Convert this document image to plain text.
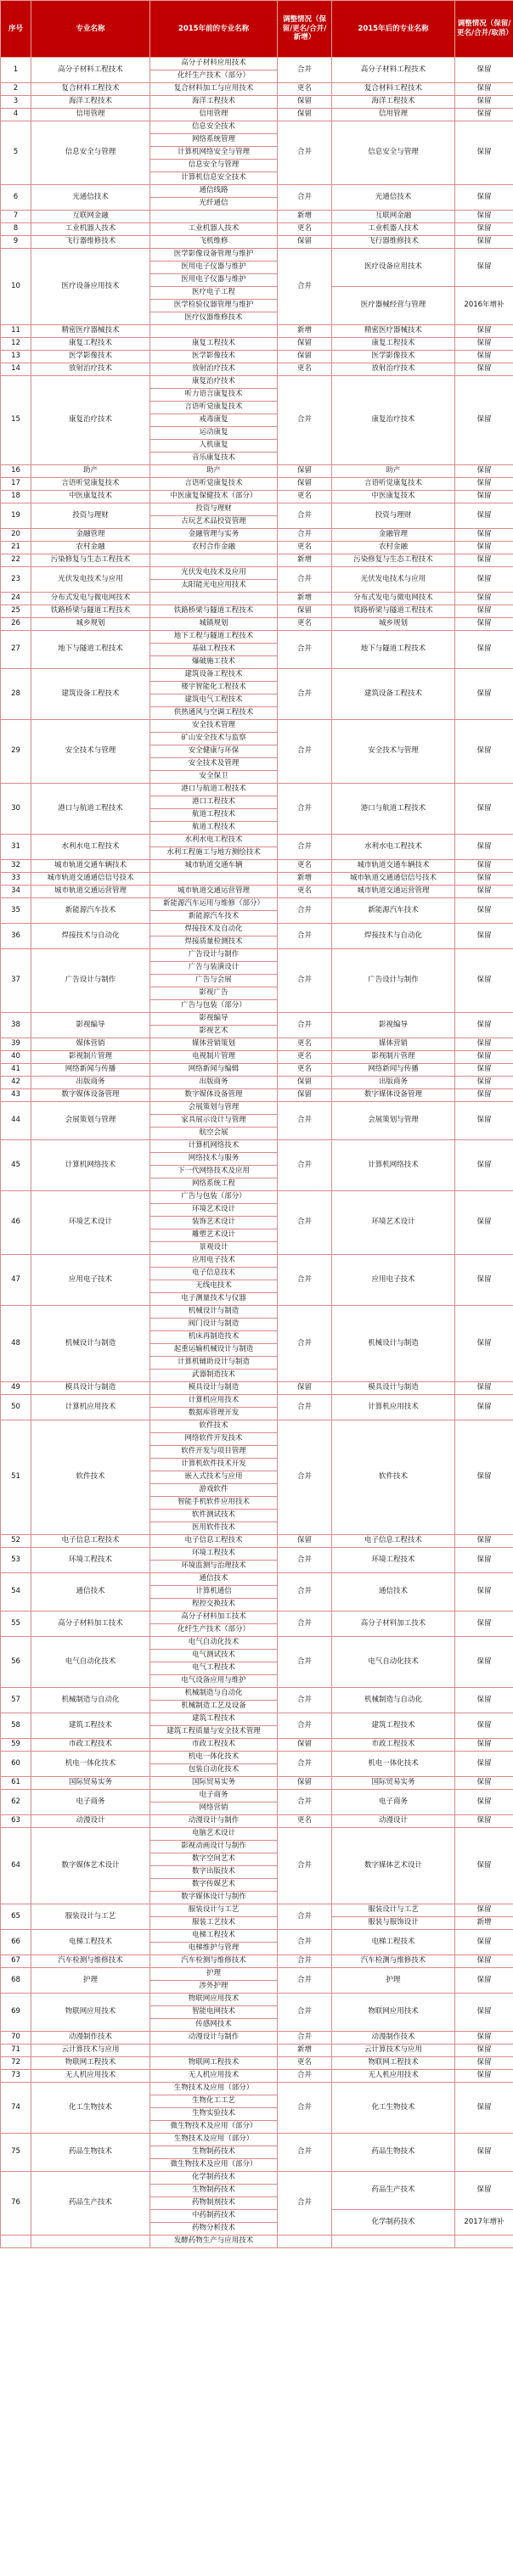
序号	专业名称	2015年前的专业名称	调整情况（保留/更名/合并/新增）	2015年后的专业名称	调整情况（保留/更名/合并/取消）
1	高分子材料工程技术	高分子材料应用技术	合并	高分子材料工程技术	保留
		化纤生产技术（部分）			
2	复合材料工程技术	复合材料加工与应用技术	更名	复合材料工程技术	保留
3	海洋工程技术	海洋工程技术	保留	海洋工程技术	保留
4	信用管理	信用管理	保留	信用管理	保留
5	信息安全与管理	信息安全技术	合并	信息安全与管理	保留
		网络系统管理			
		计算机网络安全与管理			
		信息安全与管理			
		计算机信息安全技术			
6	光通信技术	通信线路	合并	光通信技术	保留
		光纤通信			
7	互联网金融		新增	互联网金融	保留
8	工业机器人技术	工业机器人技术	更名	工业机器人技术	保留
9	飞行器维修技术	飞机维修	保留	飞行器维修技术	保留
10	医疗设备应用技术	医学影像设备管理与维护	合并	医疗设备应用技术	保留
		医用电子仪器与维护			
		医用电子仪器与维护			
		医疗电子工程		医疗器械经营与管理	2016年增补
		医学检验仪器管理与维护			
		医疗仪器维修技术			
11	精密医疗器械技术		新增	精密医疗器械技术	保留
12	康复工程技术	康复工程技术	保留	康复工程技术	保留
13	医学影像技术	医学影像技术	保留	医学影像技术	保留
14	放射治疗技术	放射治疗技术	更名	放射治疗技术	保留
15	康复治疗技术	康复治疗技术	合并	康复治疗技术	保留
		听力语言康复技术			
		言语听觉康复技术			
		戒毒康复			
		运动康复			
		人机康复			
		音乐康复技术			
16	助产	助产	保留	助产	保留
17	言语听觉康复技术	言语听觉康复技术	保留	言语听觉康复技术	保留
18	中医康复技术	中医康复保健技术（部分）	更名	中医康复技术	保留
19	投资与理财	投资与理财	合并	投资与理财	保留
		古玩艺术品投资管理			
20	金融管理	金融管理与实务	合并	金融管理	保留
21	农村金融	农村合作金融	更名	农村金融	保留
22	污染修复与生态工程技术		新增	污染修复与生态工程技术	保留
23	光伏发电技术与应用	光伏发电技术及应用	合并	光伏发电技术与应用	保留
		太阳能光电应用技术			
24	分布式发电与微电网技术		新增	分布式发电与微电网技术	保留
25	铁路桥梁与隧道工程技术	铁路桥梁与隧道工程技术	保留	铁路桥梁与隧道工程技术	保留
26	城乡规划	城镇规划	更名	城乡规划	保留
27	地下与隧道工程技术	地下工程与隧道工程技术	合并	地下与隧道工程技术	保留
		基础工程技术			
		爆破施工技术			
28	建筑设备工程技术	建筑设备工程技术	合并	建筑设备工程技术	保留
		楼宇智能化工程技术			
		建筑电气工程技术			
		供热通风与空调工程技术			
29	安全技术与管理	安全技术管理	合并	安全技术与管理	保留
		矿山安全技术与监察			
		安全健康与环保			
		安全技术及管理			
		安全保卫			
30	港口与航道工程技术	港口与航道工程技术	合并	港口与航道工程技术	保留
		港口工程技术			
		航道工程技术			
		航道工程技术			
31	水利水电工程技术	水利水电工程技术	合并	水利水电工程技术	保留
		水利工程施工与地方测绘技术			
32	城市轨道交通车辆技术	城市轨道交通车辆	更名	城市轨道交通车辆技术	保留
33	城市轨道交通通信信号技术		新增	城市轨道交通通信信号技术	保留
34	城市轨道交通运营管理	城市轨道交通运营管理	更名	城市轨道交通运营管理	保留
35	新能源汽车技术	新能源汽车运用与维修（部分）	合并	新能源汽车技术	保留
		新能源汽车技术			
36	焊接技术与自动化	焊接技术及自动化	合并	焊接技术与自动化	保留
		焊接质量检测技术			
37	广告设计与制作	广告设计与制作	合并	广告设计与制作	保留
		广告与装潢设计			
		广告与会展			
		影视广告			
		广告与包装（部分）			
38	影视编导	影视编导	合并	影视编导	保留
		影视艺术			
39	媒体营销	媒体营销策划	更名	媒体营销	保留
40	影视制片管理	电视制片管理	更名	影视制片管理	保留
41	网络新闻与传播	网络新闻与编辑	更名	网络新闻与传播	保留
42	出版商务	出版商务	保留	出版商务	保留
43	数字媒体设备管理	数字媒体设备管理	保留	数字媒体设备管理	保留
44	会展策划与管理	会展策划与管理	合并	会展策划与管理	保留
		家具展示设计与管理			
		航空会展			
45	计算机网络技术	计算机网络技术	合并	计算机网络技术	保留
		网络技术与服务			
		下一代网络技术及应用			
		网络系统工程			
46	环境艺术设计	广告与包装（部分）	合并	环境艺术设计	保留
		环境艺术设计			
		装饰艺术设计			
		雕塑艺术设计			
		景观设计			
47	应用电子技术	应用电子技术	合并	应用电子技术	保留
		电子信息技术			
		无线电技术			
		电子测量技术与仪器			
48	机械设计与制造	机械设计与制造	合并	机械设计与制造	保留
		阀门设计与制造			
		机床再制造技术			
		起重运输机械设计与制造			
		计算机辅助设计与制造			
		武器制造技术			
49	模具设计与制造	模具设计与制造	保留	模具设计与制造	保留
50	计算机应用技术	计算机应用技术	合并	计算机应用技术	保留
		数据库管理开发			
51	软件技术	软件技术	合并	软件技术	保留
		网络软件开发技术			
		软件开发与项目管理			
		计算机软件技术开发			
		嵌入式技术与应用			
		游戏软件			
		智能手机软件应用技术			
		软件测试技术			
		医用软件技术			
52	电子信息工程技术	电子信息工程技术	保留	电子信息工程技术	保留
53	环境工程技术	环境工程技术	合并	环境工程技术	保留
		环境监测与治理技术			
54	通信技术	通信技术	合并	通信技术	保留
		计算机通信			
		程控交换技术			
55	高分子材料加工技术	高分子材料加工技术	合并	高分子材料加工技术	保留
		化纤生产技术（部分）			
56	电气自动化技术	电气自动化技术	合并	电气自动化技术	保留
		电气测试技术			
		电气工程技术			
		电气设备应用与维护			
57	机械制造与自动化	机械制造与自动化	合并	机械制造与自动化	保留
		机械制造工艺及设备			
58	建筑工程技术	建筑工程技术	合并	建筑工程技术	保留
		建筑工程质量与安全技术管理			
59	市政工程技术	市政工程技术	保留	市政工程技术	保留
60	机电一体化技术	机电一体化技术	合并	机电一体化技术	保留
		包装自动化技术			
61	国际贸易实务	国际贸易实务	保留	国际贸易实务	保留
62	电子商务	电子商务	合并	电子商务	保留
		网络营销			
63	动漫设计	动漫设计与制作	更名	动漫设计	保留
64	数字媒体艺术设计	电脑艺术设计	合并	数字媒体艺术设计	保留
		影视动画设计与制作			
		数字空间艺术			
		数字出版技术			
		数字传媒艺术			
		数字媒体设计与制作			
65	服装设计与工艺	服装设计与工艺	合并	服装设计与工艺	保留
		服装工艺技术		服装与服饰设计	新增
66	电梯工程技术	电梯工程技术	合并	电梯工程技术	保留
		电梯维护与管理			
67	汽车检测与维修技术	汽车检测与维修技术	合并	汽车检测与维修技术	保留
68	护理	护理	合并	护理	保留
		涉外护理			
69	物联网应用技术	物联网应用技术	合并	物联网应用技术	保留
		智能电网技术			
		传感网技术			
70	动漫制作技术	动漫设计与制作	合并	动漫制作技术	保留
71	云计算技术与应用		新增	云计算技术与应用	保留
72	物联网工程技术	物联网工程技术	更名	物联网工程技术	保留
73	无人机应用技术	无人机应用技术	合并	无人机应用技术	保留
74	化工生物技术	生物技术及应用（部分）	合并	化工生物技术	保留
		生物化工工艺			
		生物实验技术			
		微生物技术及应用（部分）			
75	药品生物技术	生物技术及应用（部分）	合并	药品生物技术	保留
		生物制药技术			
		微生物技术及应用（部分）			
76	药品生产技术	化学制药技术	合并	药品生产技术	保留
		生物制药技术			
		药物制剂技术			
		中药制药技术		化学制药技术	2017年增补
		药物分析技术			
		发酵药物生产与应用技术			
